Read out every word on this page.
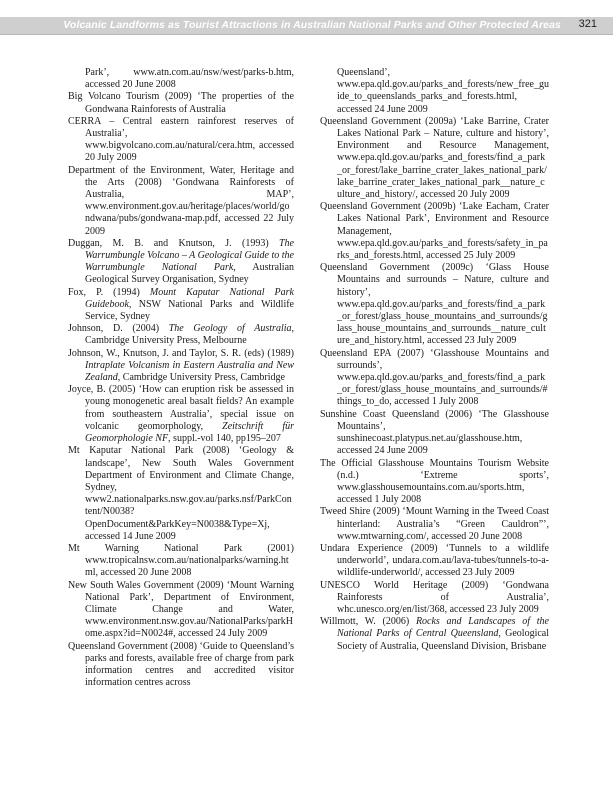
Volcanic Landforms as Tourist Attractions in Australian National Parks and Other Protected Areas 321

Park’, www.atn.com.au/nsw/west/parks-b.htm, accessed 20 June 2008

Big Volcano Tourism (2009) ‘The properties of the Gondwana Rainforests of Australia

CERRA – Central eastern rainforest reserves of Australia’, www.bigvolcano.com.au/natural/cera.htm, accessed 20 July 2009

Department of the Environment, Water, Heritage and the Arts (2008) ‘Gondwana Rainforests of Australia, MAP’, www.environment.gov.au/heritage/places/world/gondwana/pubs/gondwana-map.pdf, accessed 22 July 2009

Duggan, M. B. and Knutson, J. (1993) The Warrumbungle Volcano – A Geological Guide to the Warrumbungle National Park, Australian Geological Survey Organisation, Sydney

Fox, P. (1994) Mount Kaputar National Park Guidebook, NSW National Parks and Wildlife Service, Sydney

Johnson, D. (2004) The Geology of Australia, Cambridge University Press, Melbourne

Johnson, W., Knutson, J. and Taylor, S. R. (eds) (1989) Intraplate Volcanism in Eastern Australia and New Zealand, Cambridge University Press, Cambridge

Joyce, B. (2005) ‘How can eruption risk be assessed in young monogenetic areal basalt fields? An example from southeastern Australia’, special issue on volcanic geomorphology, Zeitschrift für Geomorphologie NF, suppl.-vol 140, pp195–207

Mt Kaputar National Park (2008) ‘Geology & landscape’, New South Wales Government Department of Environment and Climate Change, Sydney, www2.nationalparks.nsw.gov.au/parks.nsf/ParkContent/N0038?OpenDocument&ParkKey=N0038&Type=Xj, accessed 14 June 2009

Mt Warning National Park (2001) www.tropicalnsw.com.au/nationalparks/warning.html, accessed 20 June 2008

New South Wales Government (2009) ‘Mount Warning National Park’, Department of Environment, Climate Change and Water, www.environment.nsw.gov.au/NationalParks/parkHome.aspx?id=N0024#, accessed 24 July 2009

Queensland Government (2008) ‘Guide to Queensland’s parks and forests, available free of charge from park information centres and accredited visitor information centres across

Queensland’, www.epa.qld.gov.au/parks_and_forests/new_free_guide_to_queenslands_parks_and_forests.html, accessed 24 June 2009

Queensland Government (2009a) ‘Lake Barrine, Crater Lakes National Park – Nature, culture and history’, Environment and Resource Management, www.epa.qld.gov.au/parks_and_forests/find_a_park_or_forest/lake_barrine_crater_lakes_national_park/lake_barrine_crater_lakes_national_park__nature_culture_and_history/, accessed 20 July 2009

Queensland Government (2009b) ‘Lake Eacham, Crater Lakes National Park’, Environment and Resource Management, www.epa.qld.gov.au/parks_and_forests/safety_in_parks_and_forests.html, accessed 25 July 2009

Queensland Government (2009c) ‘Glass House Mountains and surrounds – Nature, culture and history’, www.epa.qld.gov.au/parks_and_forests/find_a_park_or_forest/glass_house_mountains_and_surrounds/glass_house_mountains_and_surrounds__nature_culture_and_history.html, accessed 23 July 2009

Queensland EPA (2007) ‘Glasshouse Mountains and surrounds’, www.epa.qld.gov.au/parks_and_forests/find_a_park_or_forest/glass_house_mountains_and_surrounds/#things_to_do, accessed 1 July 2008

Sunshine Coast Queensland (2006) ‘The Glasshouse Mountains’, sunshinecoast.platypus.net.au/glasshouse.htm, accessed 24 June 2009

The Official Glasshouse Mountains Tourism Website (n.d.) ‘Extreme sports’, www.glasshousemountains.com.au/sports.htm, accessed 1 July 2008

Tweed Shire (2009) ‘Mount Warning in the Tweed Coast hinterland: Australia’s “Green Cauldron”’, www.mtwarning.com/, accessed 20 June 2008

Undara Experience (2009) ‘Tunnels to a wildlife underworld’, undara.com.au/lava-tubes/tunnels-to-a-wildlife-underworld/, accessed 23 July 2009

UNESCO World Heritage (2009) ‘Gondwana Rainforests of Australia’, whc.unesco.org/en/list/368, accessed 23 July 2009

Willmott, W. (2006) Rocks and Landscapes of the National Parks of Central Queensland, Geological Society of Australia, Queensland Division, Brisbane
